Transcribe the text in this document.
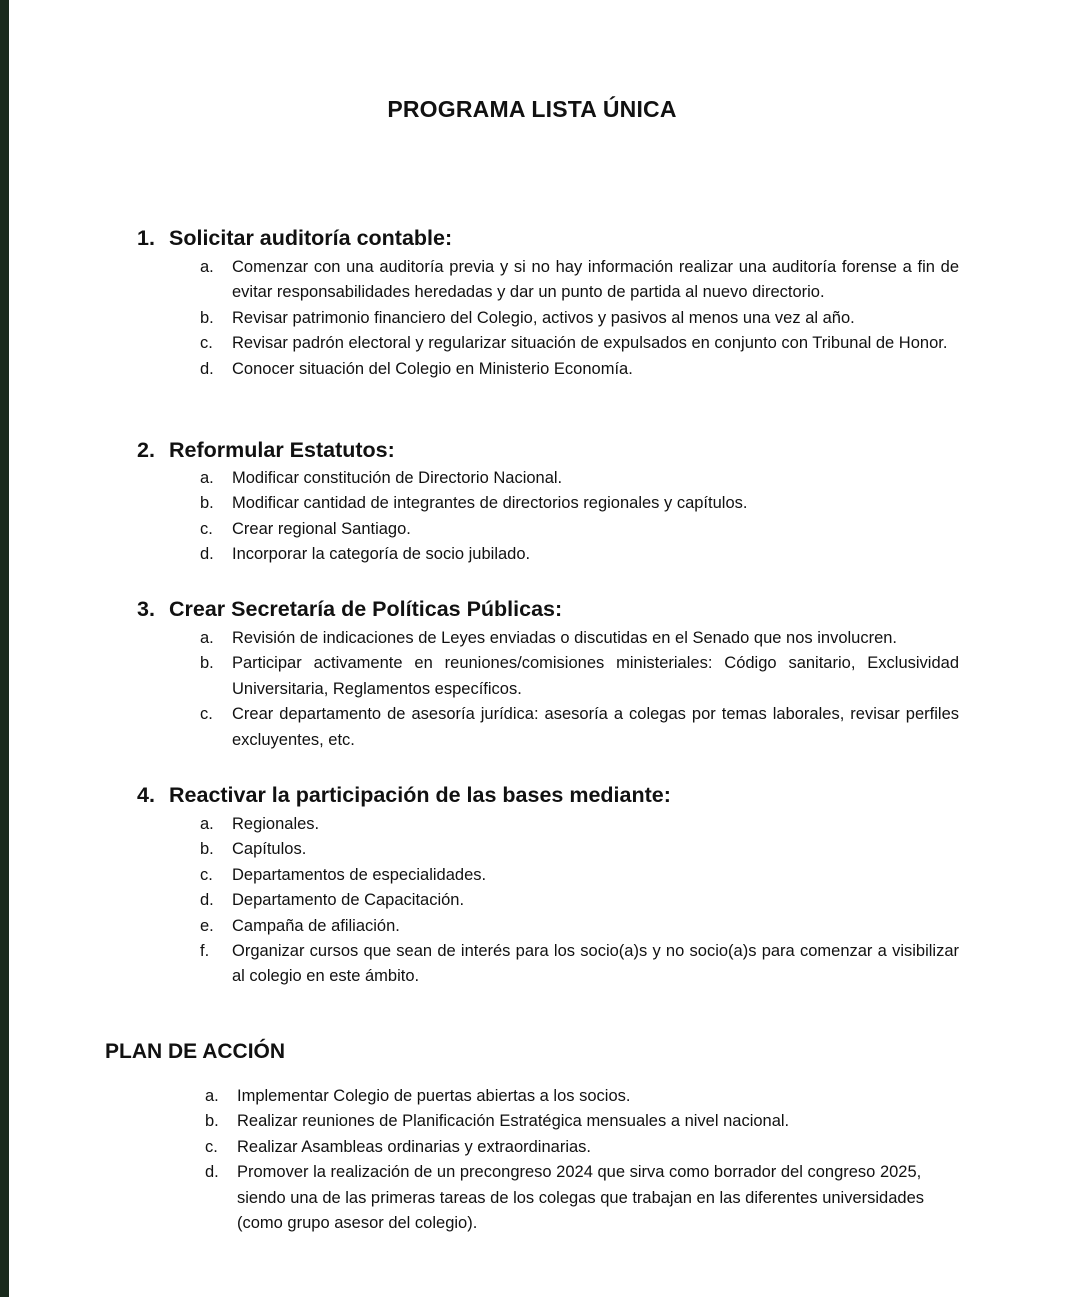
PROGRAMA LISTA ÚNICA
1. Solicitar auditoría contable:
a. Comenzar con una auditoría previa y si no hay información realizar una auditoría forense a fin de evitar responsabilidades heredadas y dar un punto de partida al nuevo directorio.
b. Revisar patrimonio financiero del Colegio, activos y pasivos al menos una vez al año.
c. Revisar padrón electoral y regularizar situación de expulsados en conjunto con Tribunal de Honor.
d. Conocer situación del Colegio en Ministerio Economía.
2. Reformular Estatutos:
a. Modificar constitución de Directorio Nacional.
b. Modificar cantidad de integrantes de directorios regionales y capítulos.
c. Crear regional Santiago.
d. Incorporar la categoría de socio jubilado.
3. Crear Secretaría de Políticas Públicas:
a. Revisión de indicaciones de Leyes enviadas o discutidas en el Senado que nos involucren.
b. Participar activamente en reuniones/comisiones ministeriales: Código sanitario, Exclusividad Universitaria, Reglamentos específicos.
c. Crear departamento de asesoría jurídica: asesoría a colegas por temas laborales, revisar perfiles excluyentes, etc.
4. Reactivar la participación de las bases mediante:
a. Regionales.
b. Capítulos.
c. Departamentos de especialidades.
d. Departamento de Capacitación.
e. Campaña de afiliación.
f. Organizar cursos que sean de interés para los socio(a)s y no socio(a)s para comenzar a visibilizar al colegio en este ámbito.
PLAN DE ACCIÓN
a. Implementar Colegio de puertas abiertas a los socios.
b. Realizar reuniones de Planificación Estratégica mensuales a nivel nacional.
c. Realizar Asambleas ordinarias y extraordinarias.
d. Promover la realización de un precongreso 2024 que sirva como borrador del congreso 2025, siendo una de las primeras tareas de los colegas que trabajan en las diferentes universidades (como grupo asesor del colegio).
